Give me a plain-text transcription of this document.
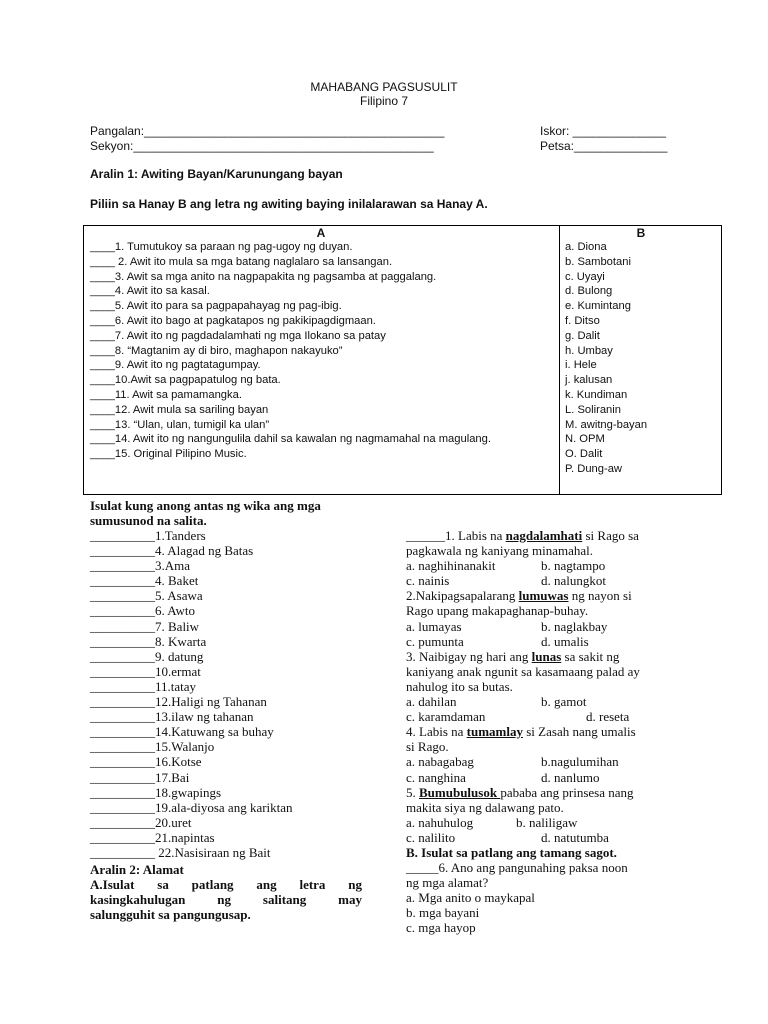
MAHABANG PAGSUSULIT
Filipino 7
Pangalan:_____________________________________________
Sekyon:_____________________________________________
Iskor: ______________
Petsa:______________
Aralin 1: Awiting Bayan/Karunungang bayan
Piliin sa Hanay B ang letra ng awiting baying inilalarawan sa Hanay A.
A	B
____1. Tumutukoy sa paraan ng pag-ugoy ng duyan.
____ 2. Awit ito mula sa mga batang naglalaro sa lansangan.
____3. Awit sa mga anito na nagpapakita ng pagsamba at paggalang.
____4. Awit ito sa kasal.
____5. Awit ito para sa pagpapahayag ng pag-ibig.
____6. Awit ito bago at pagkatapos ng pakikipagdigmaan.
____7. Awit ito ng pagdadalamhati ng mga Ilokano sa patay
____8. “Magtanim ay di biro, maghapon nakayuko”
____9. Awit ito ng pagtatagumpay.
____10.Awit sa pagpapatulog ng bata.
____11. Awit sa pamamangka.
____12. Awit mula sa sariling bayan
____13. “Ulan, ulan, tumigil ka ulan”
____14. Awit ito ng nangungulila dahil sa kawalan ng nagmamahal na magulang.
____15. Original Pilipino Music.
a. Diona
b. Sambotani
c. Uyayi
d. Bulong
e. Kumintang
f. Ditso
g. Dalit
h. Umbay
i. Hele
j. kalusan
k. Kundiman
L. Soliranin
M. awitng-bayan
N. OPM
O. Dalit
P. Dung-aw
Isulat kung anong antas ng wika ang mga
sumusunod na salita.
__________1.Tanders
__________4. Alagad ng Batas
__________3.Ama
__________4. Baket
__________5. Asawa
__________6. Awto
__________7. Baliw
__________8. Kwarta
__________9. datung
__________10.ermat
__________11.tatay
__________12.Haligi ng Tahanan
__________13.ilaw ng tahanan
__________14.Katuwang sa buhay
__________15.Walanjo
__________16.Kotse
__________17.Bai
__________18.gwapings
__________19.ala-diyosa ang kariktan
__________20.uret
__________21.napintas
__________ 22.Nasisiraan ng Bait
Aralin 2: Alamat
A.Isulat sa patlang ang letra ng
kasingkahulugan ng salitang may
salungguhit sa pangungusap.
______1. Labis na nagdalamhati si Rago sa
pagkawala ng kaniyang minamahal.
a. naghihinanakit	b. nagtampo
c. nainis	d. nalungkot
2.Nakipagsapalarang lumuwas ng nayon si
Rago upang makapaghanap-buhay.
a. lumayas	b. naglakbay
c. pumunta	d. umalis
3. Naibigay ng hari ang lunas sa sakit ng
kaniyang anak ngunit sa kasamaang palad ay
nahulog ito sa butas.
a. dahilan	b. gamot
c. karamdaman	d. reseta
4. Labis na tumamlay si Zasah nang umalis
si Rago.
a. nabagabag	b.nagulumihan
c. nanghina	d. nanlumo
5. Bumubulusok pababa ang prinsesa nang
makita siya ng dalawang pato.
a. nahuhulog	b. naliligaw
c. nalilito	d. natutumba
B. Isulat sa patlang ang tamang sagot.
_____6. Ano ang pangunahing paksa noon
ng mga alamat?
a. Mga anito o maykapal
b. mga bayani
c. mga hayop
